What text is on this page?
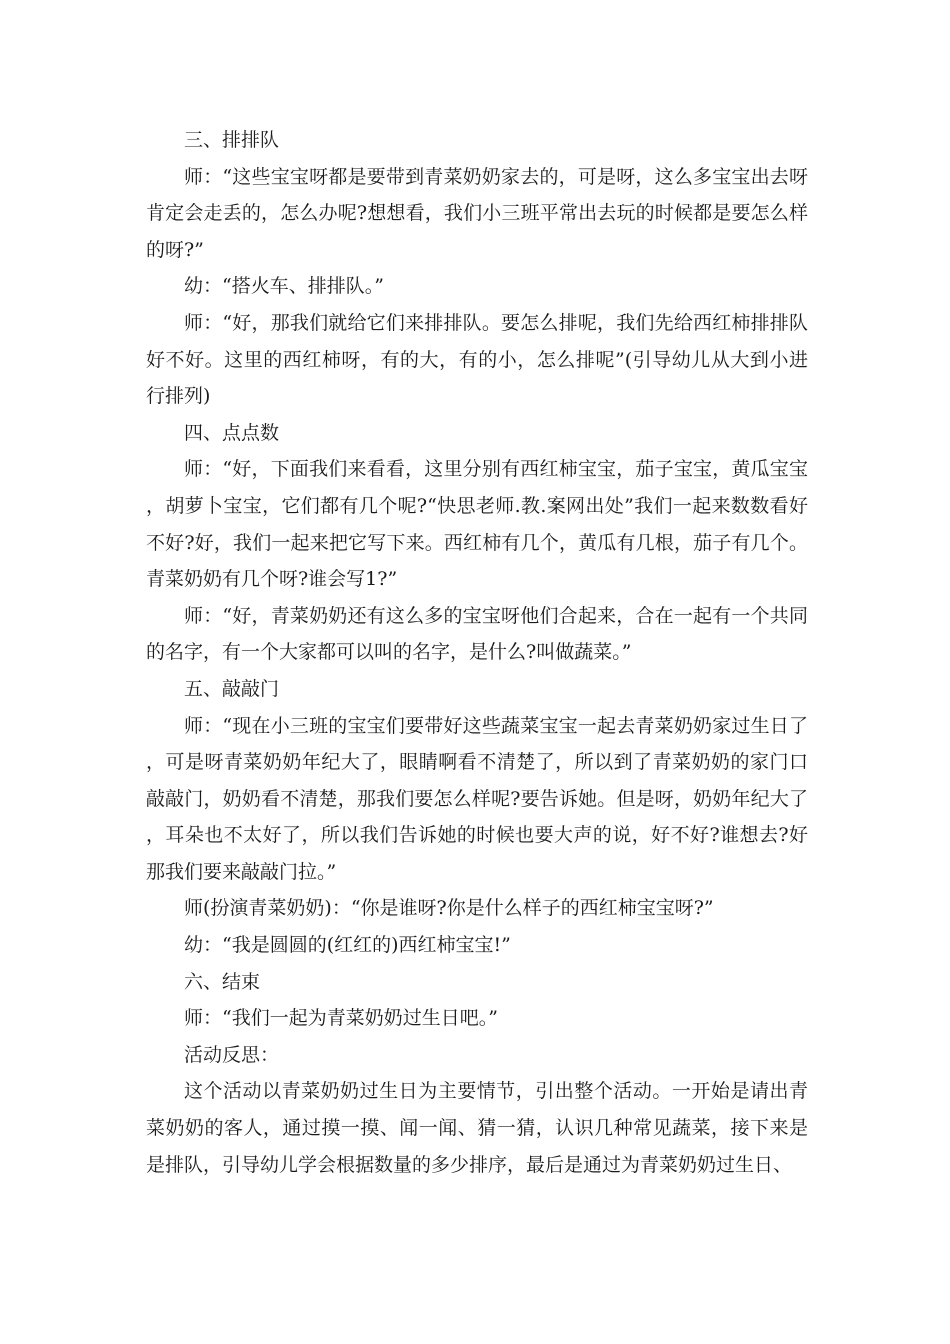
三、排排队

师：“这些宝宝呀都是要带到青菜奶奶家去的，可是呀，这么多宝宝出去呀肯定会走丢的，怎么办呢?想想看，我们小三班平常出去玩的时候都是要怎么样的呀?”

幼：“搭火车、排排队。”

师：“好，那我们就给它们来排排队。要怎么排呢，我们先给西红柿排排队好不好。这里的西红柿呀，有的大，有的小，怎么排呢”(引导幼儿从大到小进行排列)

四、点点数

师：“好，下面我们来看看，这里分别有西红柿宝宝，茄子宝宝，黄瓜宝宝，胡萝卜宝宝，它们都有几个呢?“快思老师.教.案网出处”我们一起来数数看好不好?好，我们一起来把它写下来。西红柿有几个，黄瓜有几根，茄子有几个。青菜奶奶有几个呀?谁会写1?”

师：“好，青菜奶奶还有这么多的宝宝呀他们合起来，合在一起有一个共同的名字，有一个大家都可以叫的名字，是什么?叫做蔬菜。”

五、敲敲门

师：“现在小三班的宝宝们要带好这些蔬菜宝宝一起去青菜奶奶家过生日了，可是呀青菜奶奶年纪大了，眼睛啊看不清楚了，所以到了青菜奶奶的家门口敲敲门，奶奶看不清楚，那我们要怎么样呢?要告诉她。但是呀，奶奶年纪大了，耳朵也不太好了，所以我们告诉她的时候也要大声的说，好不好?谁想去?好那我们要来敲敲门拉。”

师(扮演青菜奶奶)：“你是谁呀?你是什么样子的西红柿宝宝呀?”

幼：“我是圆圆的(红红的)西红柿宝宝!”

六、结束

师：“我们一起为青菜奶奶过生日吧。”

活动反思：

这个活动以青菜奶奶过生日为主要情节，引出整个活动。一开始是请出青菜奶奶的客人，通过摸一摸、闻一闻、猜一猜，认识几种常见蔬菜，接下来是是排队，引导幼儿学会根据数量的多少排序，最后是通过为青菜奶奶过生日、
